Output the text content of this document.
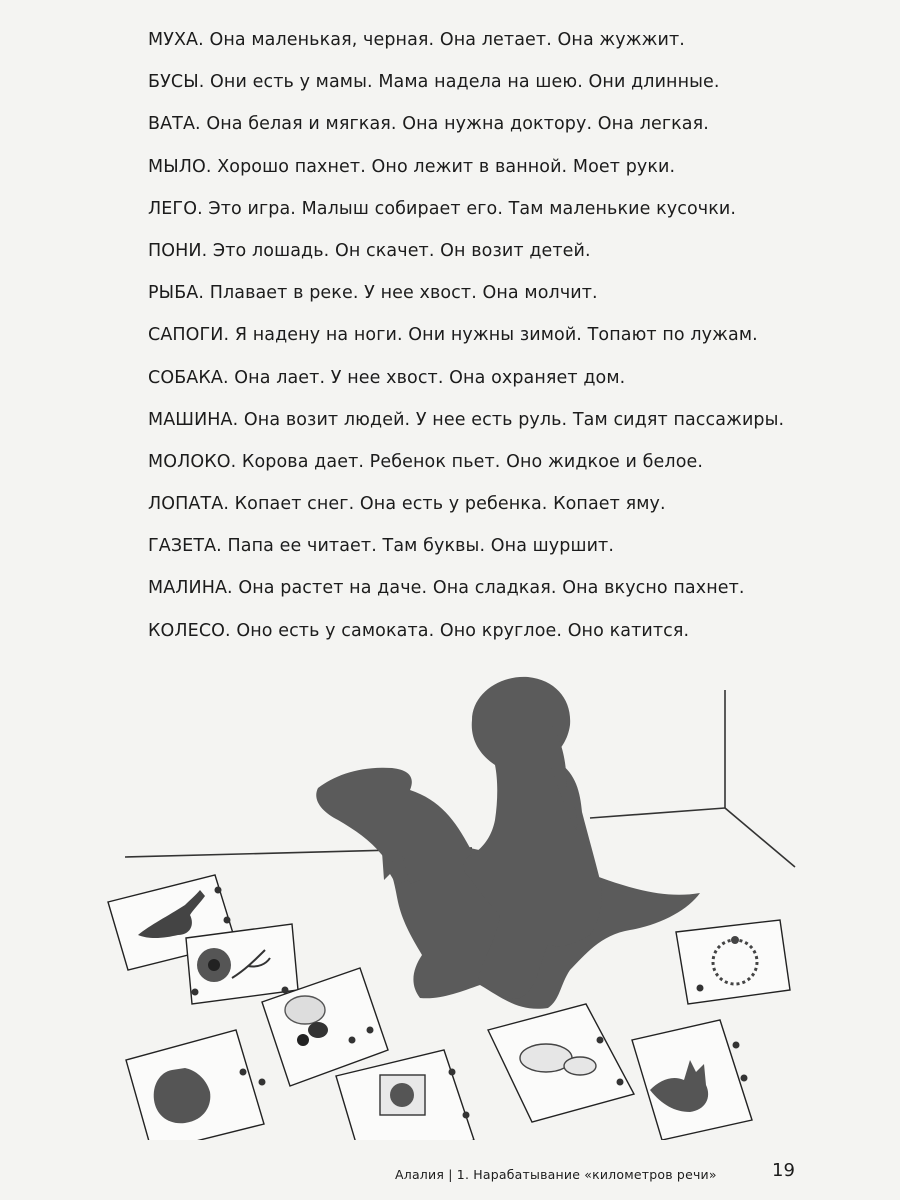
МУХА. Она маленькая, черная. Она летает. Она жужжит.
БУСЫ. Они есть у мамы. Мама надела на шею. Они длинные.
ВАТА. Она белая и мягкая. Она нужна доктору. Она легкая.
МЫЛО. Хорошо пахнет. Оно лежит в ванной. Моет руки.
ЛЕГО. Это игра. Малыш собирает его. Там маленькие кусочки.
ПОНИ. Это лошадь. Он скачет. Он возит детей.
РЫБА. Плавает в реке. У нее хвост. Она молчит.
САПОГИ. Я надену на ноги. Они нужны зимой. Топают по лужам.
СОБАКА. Она лает. У нее хвост. Она охраняет дом.
МАШИНА. Она возит людей. У нее есть руль. Там сидят пассажиры.
МОЛОКО. Корова дает. Ребенок пьет. Оно жидкое и белое.
ЛОПАТА. Копает снег. Она есть у ребенка. Копает яму.
ГАЗЕТА. Папа ее читает. Там буквы. Она шуршит.
МАЛИНА. Она растет на даче. Она сладкая. Она вкусно пахнет.
КОЛЕСО. Оно есть у самоката. Оно круглое. Оно катится.
Алалия | 1. Нарабатывание «километров речи»	19
